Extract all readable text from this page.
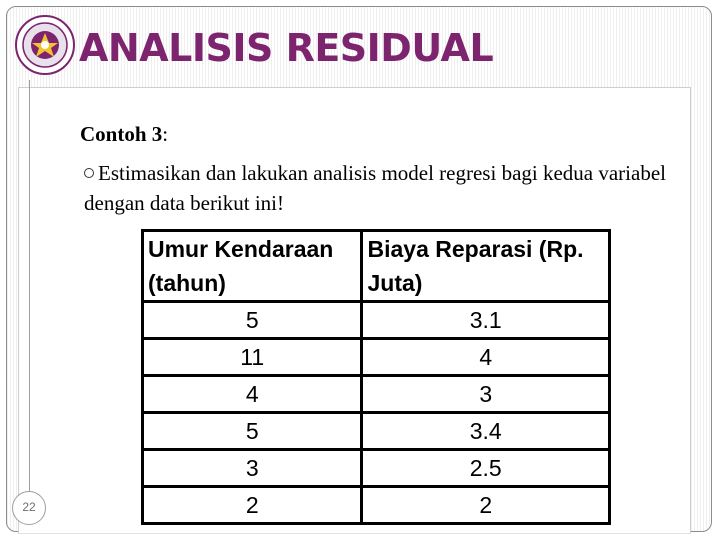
ANALISIS RESIDUAL
Contoh 3:
Estimasikan dan lakukan analisis model regresi bagi kedua variabel dengan data berikut ini!
Umur Kendaraan (tahun)	Biaya Reparasi (Rp. Juta)
5	3.1
11	4
4	3
5	3.4
3	2.5
2	2
22
